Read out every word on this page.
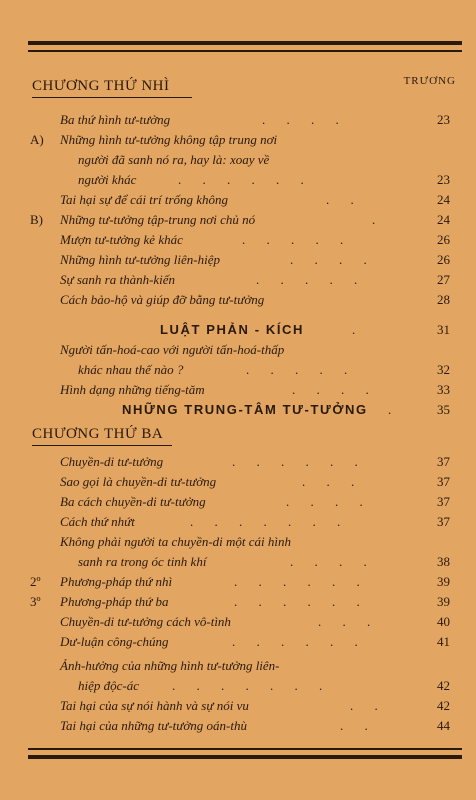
TRƯƠNG
CHƯƠNG THỨ NHÌ
Ba thứ hình tư-tưởng	. . . .	23
A) Những hình tư-tưởng không tập trung nơi
người đã sanh nó ra, hay là: xoay về
người khác	. . . . . .	23
Tai hại sự để cái trí trống không	. .	24
B) Những tư-tưởng tập-trung nơi chủ nó	.	24
Mượn tư-tưởng kẻ khác	. . . . .	26
Những hình tư-tưởng liên-hiệp	. . . .	26
Sự sanh ra thành-kiến	. . . . .	27
Cách bảo-hộ và giúp đỡ bằng tư-tưởng	28
LUẬT PHẢN - KÍCH	.	31
Người tấn-hoá-cao với người tấn-hoá-thấp
khác nhau thế nào ?	. . . . .	32
Hình dạng những tiếng-tăm	. . . .	33
NHỮNG TRUNG-TÂM TƯ-TƯỞNG .	35
CHƯƠNG THỨ BA
Chuyền-di tư-tưởng	. . . . . .	37
Sao gọi là chuyền-di tư-tưởng	. . .	37
Ba cách chuyền-di tư-tưởng	. . . .	37
Cách thứ nhứt	. . . . . . .	37
Không phải người ta chuyền-di một cái hình
sanh ra trong óc tinh khí	. . . .	38
2º Phương-pháp thứ nhì	. . . . . .	39
3º Phương-pháp thứ ba	. . . . . .	39
Chuyền-di tư-tưởng cách vô-tình	. . .	40
Dư-luận công-chúng	. . . . . .	41
Ảnh-hưởng của những hình tư-tưởng liên-
hiệp độc-ác	. . . . . . .	42
Tai hại của sự nói hành và sự nói vu	. .	42
Tai hại của những tư-tưởng oán-thù	. .	44
